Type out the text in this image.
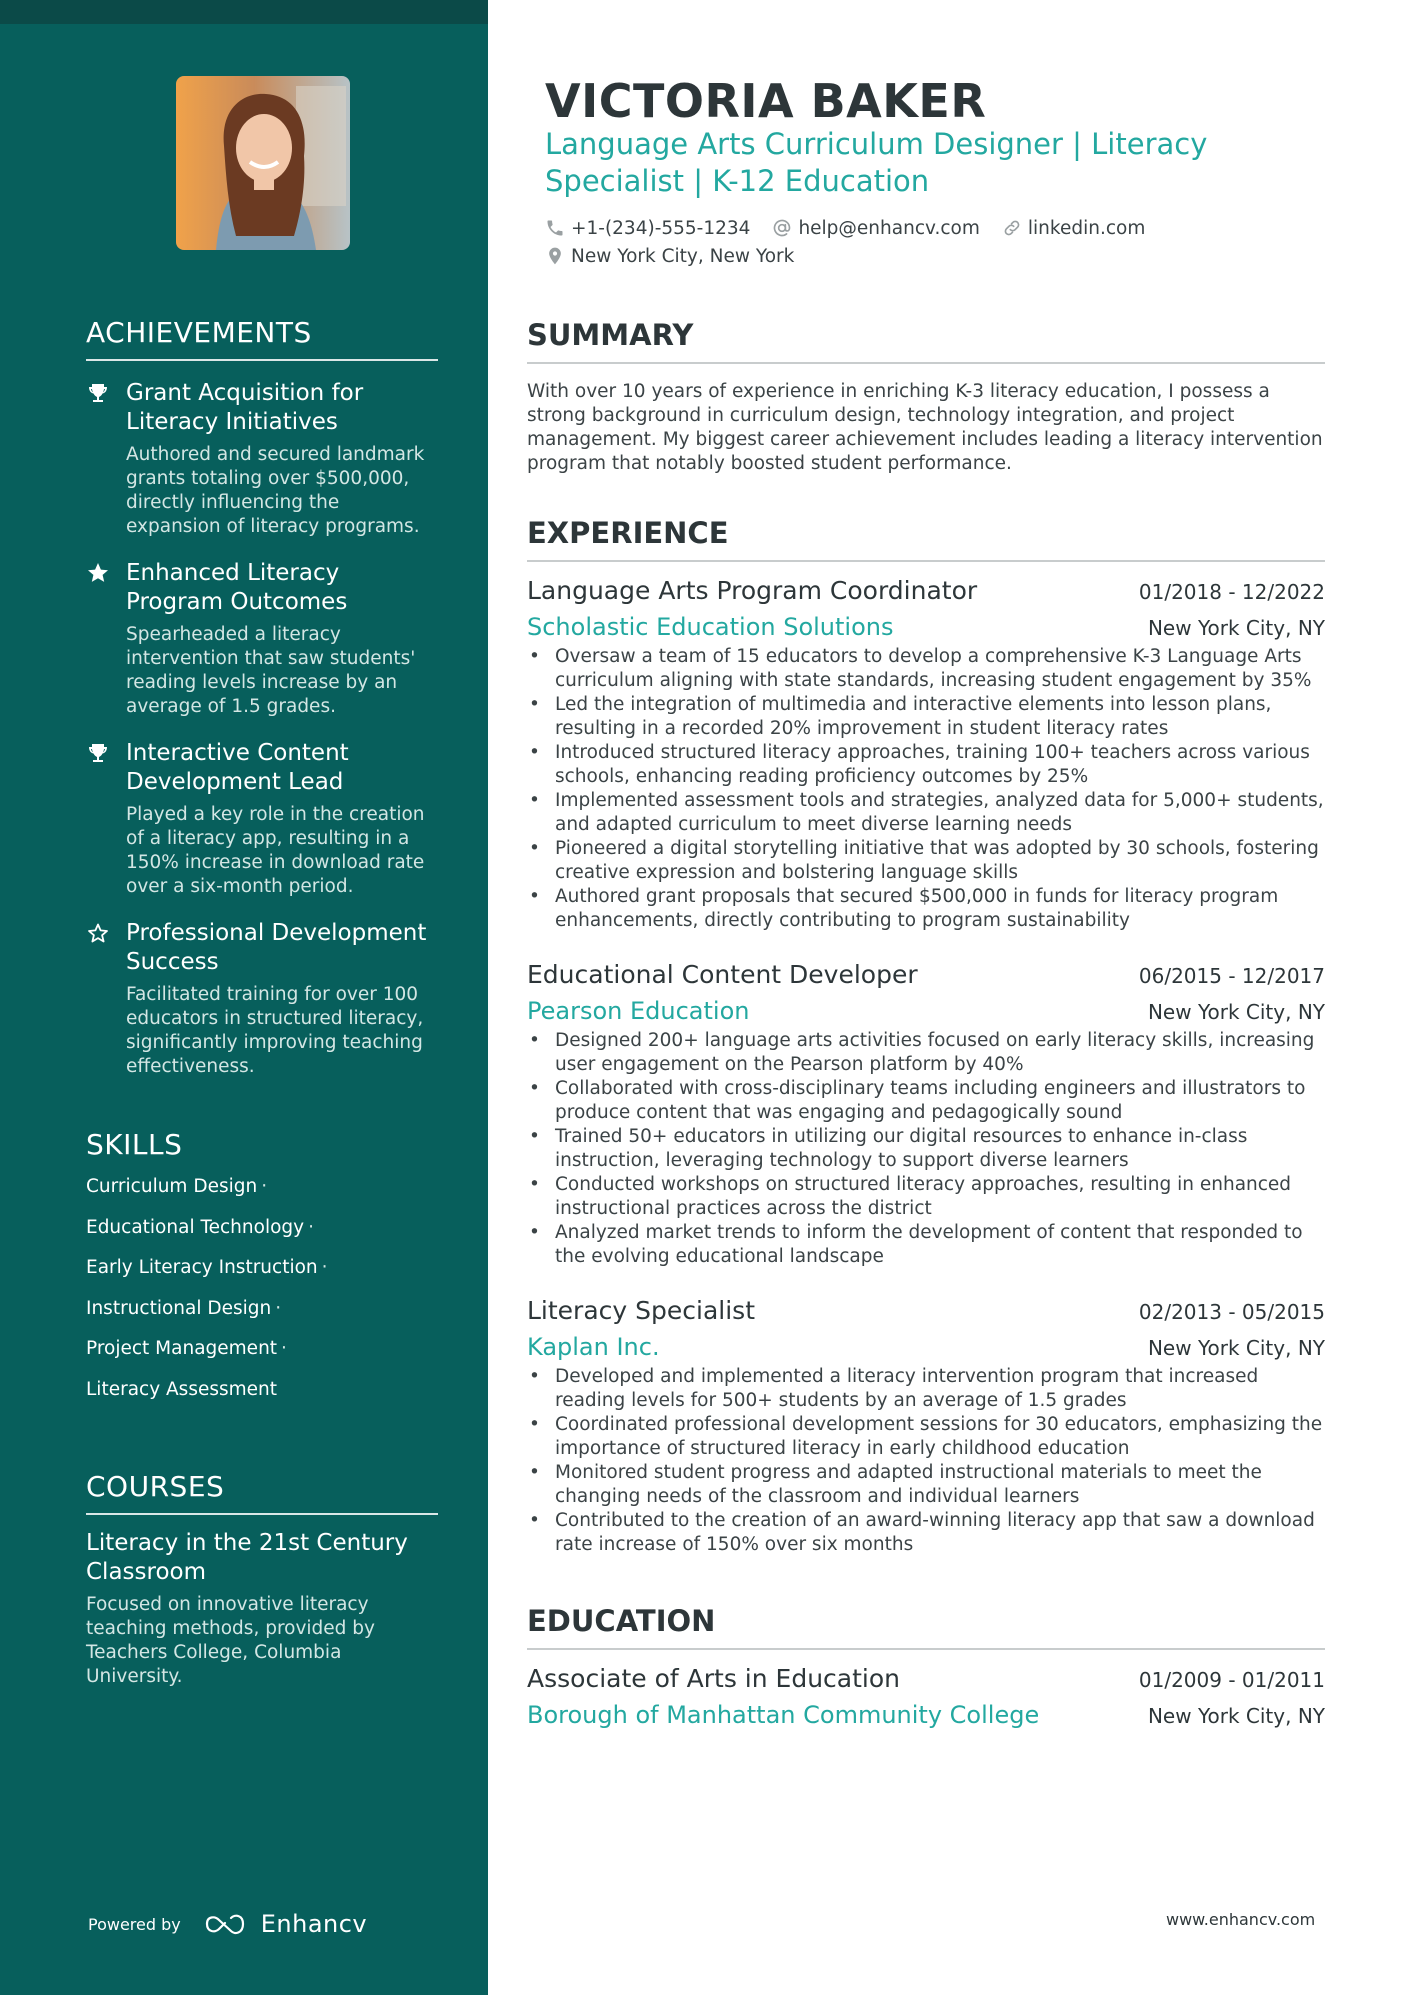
ACHIEVEMENTS
Grant Acquisition for Literacy Initiatives
Authored and secured landmark grants totaling over $500,000, directly influencing the expansion of literacy programs.
Enhanced Literacy Program Outcomes
Spearheaded a literacy intervention that saw students' reading levels increase by an average of 1.5 grades.
Interactive Content Development Lead
Played a key role in the creation of a literacy app, resulting in a 150% increase in download rate over a six-month period.
Professional Development Success
Facilitated training for over 100 educators in structured literacy, significantly improving teaching effectiveness.
SKILLS
Curriculum Design ·
Educational Technology ·
Early Literacy Instruction ·
Instructional Design ·
Project Management ·
Literacy Assessment
COURSES
Literacy in the 21st Century Classroom
Focused on innovative literacy teaching methods, provided by Teachers College, Columbia University.
Powered by	Enhancv
VICTORIA BAKER
Language Arts Curriculum Designer | Literacy Specialist | K-12 Education
+1-(234)-555-1234	help@enhancv.com	linkedin.com
New York City, New York
SUMMARY

With over 10 years of experience in enriching K-3 literacy education, I possess a strong background in curriculum design, technology integration, and project management. My biggest career achievement includes leading a literacy intervention program that notably boosted student performance.

EXPERIENCE
Language Arts Program Coordinator	01/2018 - 12/2022
Scholastic Education Solutions	New York City, NY
• Oversaw a team of 15 educators to develop a comprehensive K-3 Language Arts curriculum aligning with state standards, increasing student engagement by 35%
• Led the integration of multimedia and interactive elements into lesson plans, resulting in a recorded 20% improvement in student literacy rates
• Introduced structured literacy approaches, training 100+ teachers across various schools, enhancing reading proficiency outcomes by 25%
• Implemented assessment tools and strategies, analyzed data for 5,000+ students, and adapted curriculum to meet diverse learning needs
• Pioneered a digital storytelling initiative that was adopted by 30 schools, fostering creative expression and bolstering language skills
• Authored grant proposals that secured $500,000 in funds for literacy program enhancements, directly contributing to program sustainability
Educational Content Developer	06/2015 - 12/2017
Pearson Education	New York City, NY
• Designed 200+ language arts activities focused on early literacy skills, increasing user engagement on the Pearson platform by 40%
• Collaborated with cross-disciplinary teams including engineers and illustrators to produce content that was engaging and pedagogically sound
• Trained 50+ educators in utilizing our digital resources to enhance in-class instruction, leveraging technology to support diverse learners
• Conducted workshops on structured literacy approaches, resulting in enhanced instructional practices across the district
• Analyzed market trends to inform the development of content that responded to the evolving educational landscape
Literacy Specialist	02/2013 - 05/2015
Kaplan Inc.	New York City, NY
• Developed and implemented a literacy intervention program that increased reading levels for 500+ students by an average of 1.5 grades
• Coordinated professional development sessions for 30 educators, emphasizing the importance of structured literacy in early childhood education
• Monitored student progress and adapted instructional materials to meet the changing needs of the classroom and individual learners
• Contributed to the creation of an award-winning literacy app that saw a download rate increase of 150% over six months
EDUCATION
Associate of Arts in Education	01/2009 - 01/2011
Borough of Manhattan Community College	New York City, NY
www.enhancv.com
